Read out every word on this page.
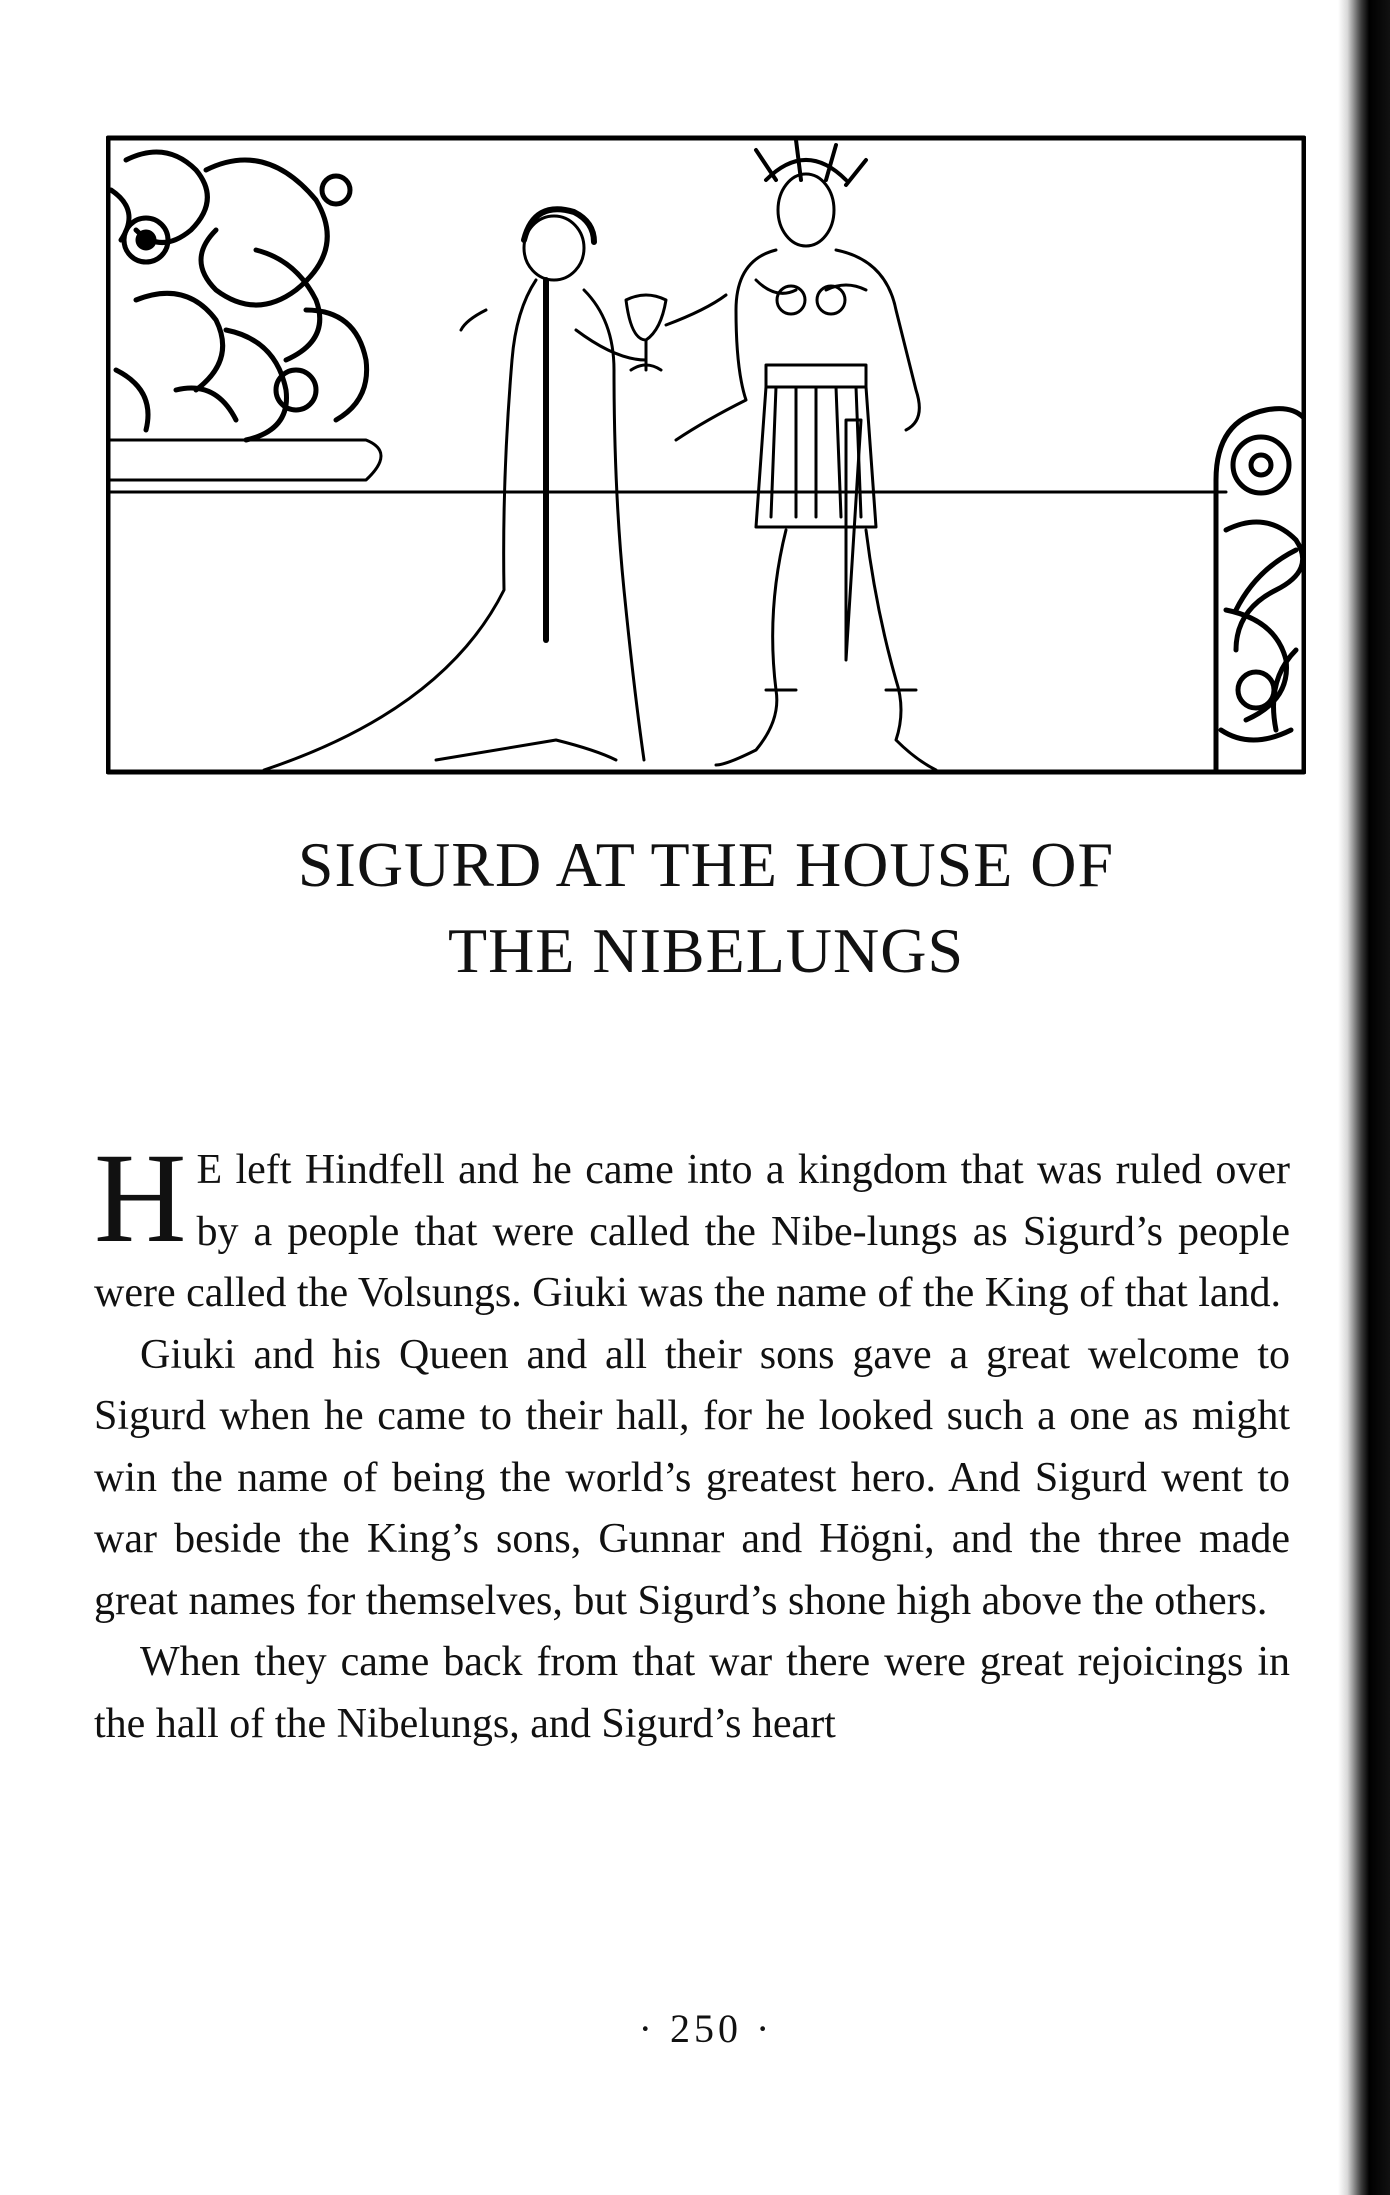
SIGURD AT THE HOUSE OF
THE NIBELUNGS

H E left Hindfell and he came into a kingdom that was ruled over by a people that were called the Nibe-lungs as Sigurd’s people were called the Volsungs. Giuki was the name of the King of that land.

Giuki and his Queen and all their sons gave a great welcome to Sigurd when he came to their hall, for he looked such a one as might win the name of being the world’s greatest hero. And Sigurd went to war beside the King’s sons, Gunnar and Högni, and the three made great names for themselves, but Sigurd’s shone high above the others.

When they came back from that war there were great rejoicings in the hall of the Nibelungs, and Sigurd’s heart

· 250 ·
